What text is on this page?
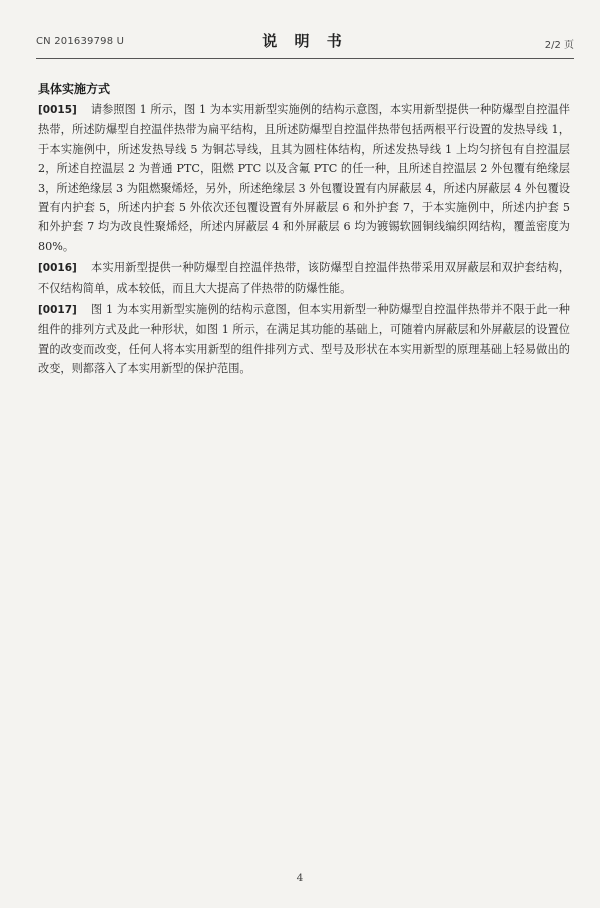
CN 201639798 U	说 明 书	2/2 页
具体实施方式

[0015] 请参照图 1 所示，图 1 为本实用新型实施例的结构示意图，本实用新型提供一种防爆型自控温伴热带，所述防爆型自控温伴热带为扁平结构，且所述防爆型自控温伴热带包括两根平行设置的发热导线 1，于本实施例中，所述发热导线 5 为铜芯导线，且其为圆柱体结构，所述发热导线 1 上均匀挤包有自控温层 2，所述自控温层 2 为普通 PTC，阻燃 PTC 以及含氟 PTC 的任一种，且所述自控温层 2 外包覆有绝缘层 3，所述绝缘层 3 为阻燃聚烯烃，另外，所述绝缘层 3 外包覆设置有内屏蔽层 4，所述内屏蔽层 4 外包覆设置有内护套 5，所述内护套 5 外依次还包覆设置有外屏蔽层 6 和外护套 7，于本实施例中，所述内护套 5 和外护套 7 均为改良性聚烯烃，所述内屏蔽层 4 和外屏蔽层 6 均为镀锡软圆铜线编织网结构，覆盖密度为 80%。

[0016] 本实用新型提供一种防爆型自控温伴热带，该防爆型自控温伴热带采用双屏蔽层和双护套结构，不仅结构简单，成本较低，而且大大提高了伴热带的防爆性能。

[0017] 图 1 为本实用新型实施例的结构示意图，但本实用新型一种防爆型自控温伴热带并不限于此一种组件的排列方式及此一种形状，如图 1 所示，在满足其功能的基础上，可随着内屏蔽层和外屏蔽层的设置位置的改变而改变，任何人将本实用新型的组件排列方式、型号及形状在本实用新型的原理基础上轻易做出的改变，则都落入了本实用新型的保护范围。

4
